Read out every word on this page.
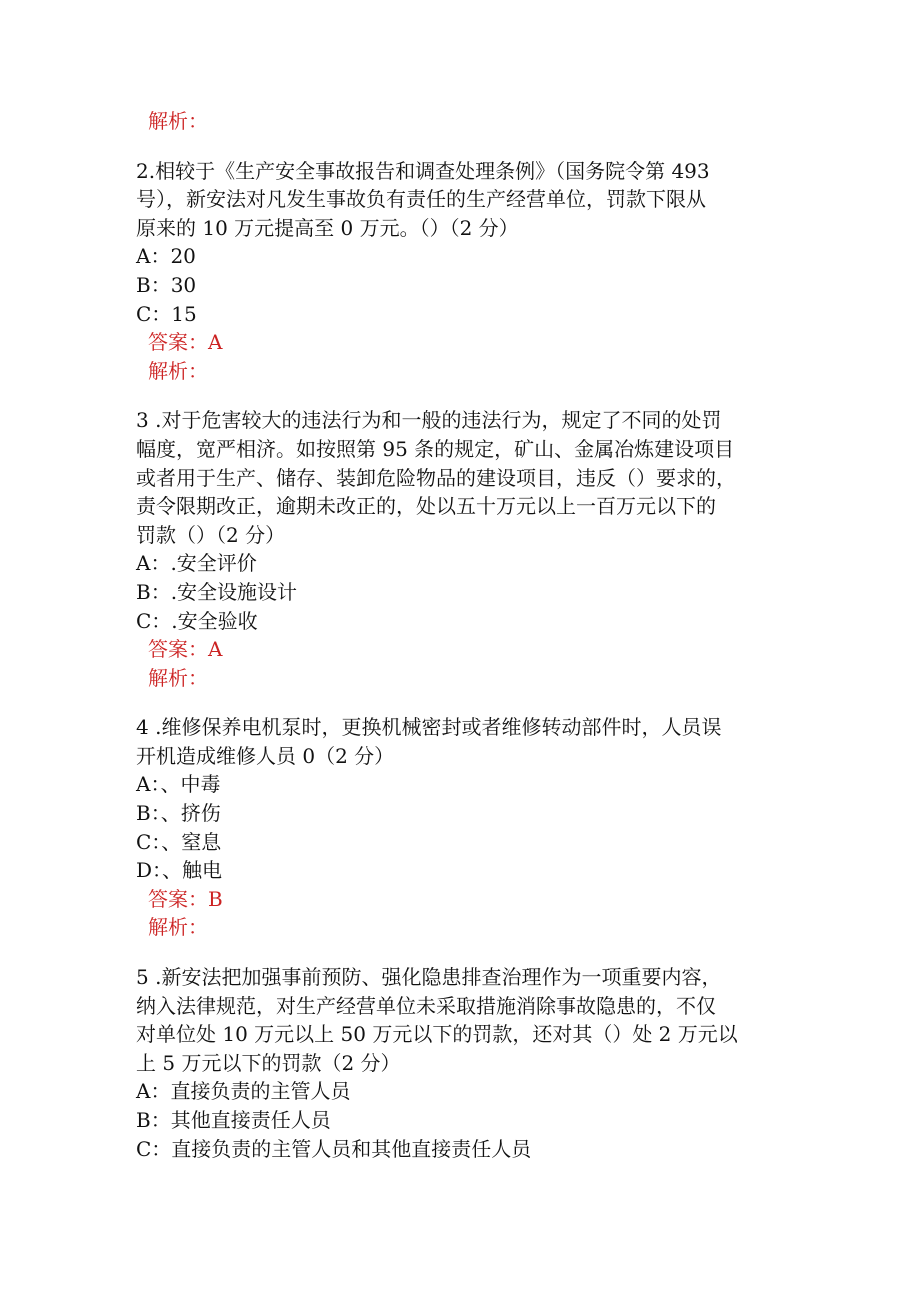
解析：
2.相较于《生产安全事故报告和调查处理条例》（国务院令第 493
号），新安法对凡发生事故负有责任的生产经营单位，罚款下限从
原来的 10 万元提高至 0 万元。（）（2 分）
A：20
B：30
C：15
答案：A
解析：
3 .对于危害较大的违法行为和一般的违法行为，规定了不同的处罚
幅度，宽严相济。如按照第 95 条的规定，矿山、金属冶炼建设项目
或者用于生产、储存、装卸危险物品的建设项目，违反（）要求的，
责令限期改正，逾期未改正的，处以五十万元以上一百万元以下的
罚款（）（2 分）
A：.安全评价
B：.安全设施设计
C：.安全验收
答案：A
解析：
4 .维修保养电机泵时，更换机械密封或者维修转动部件时，人员误
开机造成维修人员 0（2 分）
A：、中毒
B：、挤伤
C：、窒息
D：、触电
答案：B
解析：
5 .新安法把加强事前预防、强化隐患排查治理作为一项重要内容，
纳入法律规范，对生产经营单位未采取措施消除事故隐患的，不仅
对单位处 10 万元以上 50 万元以下的罚款，还对其（）处 2 万元以
上 5 万元以下的罚款（2 分）
A：直接负责的主管人员
B：其他直接责任人员
C：直接负责的主管人员和其他直接责任人员
